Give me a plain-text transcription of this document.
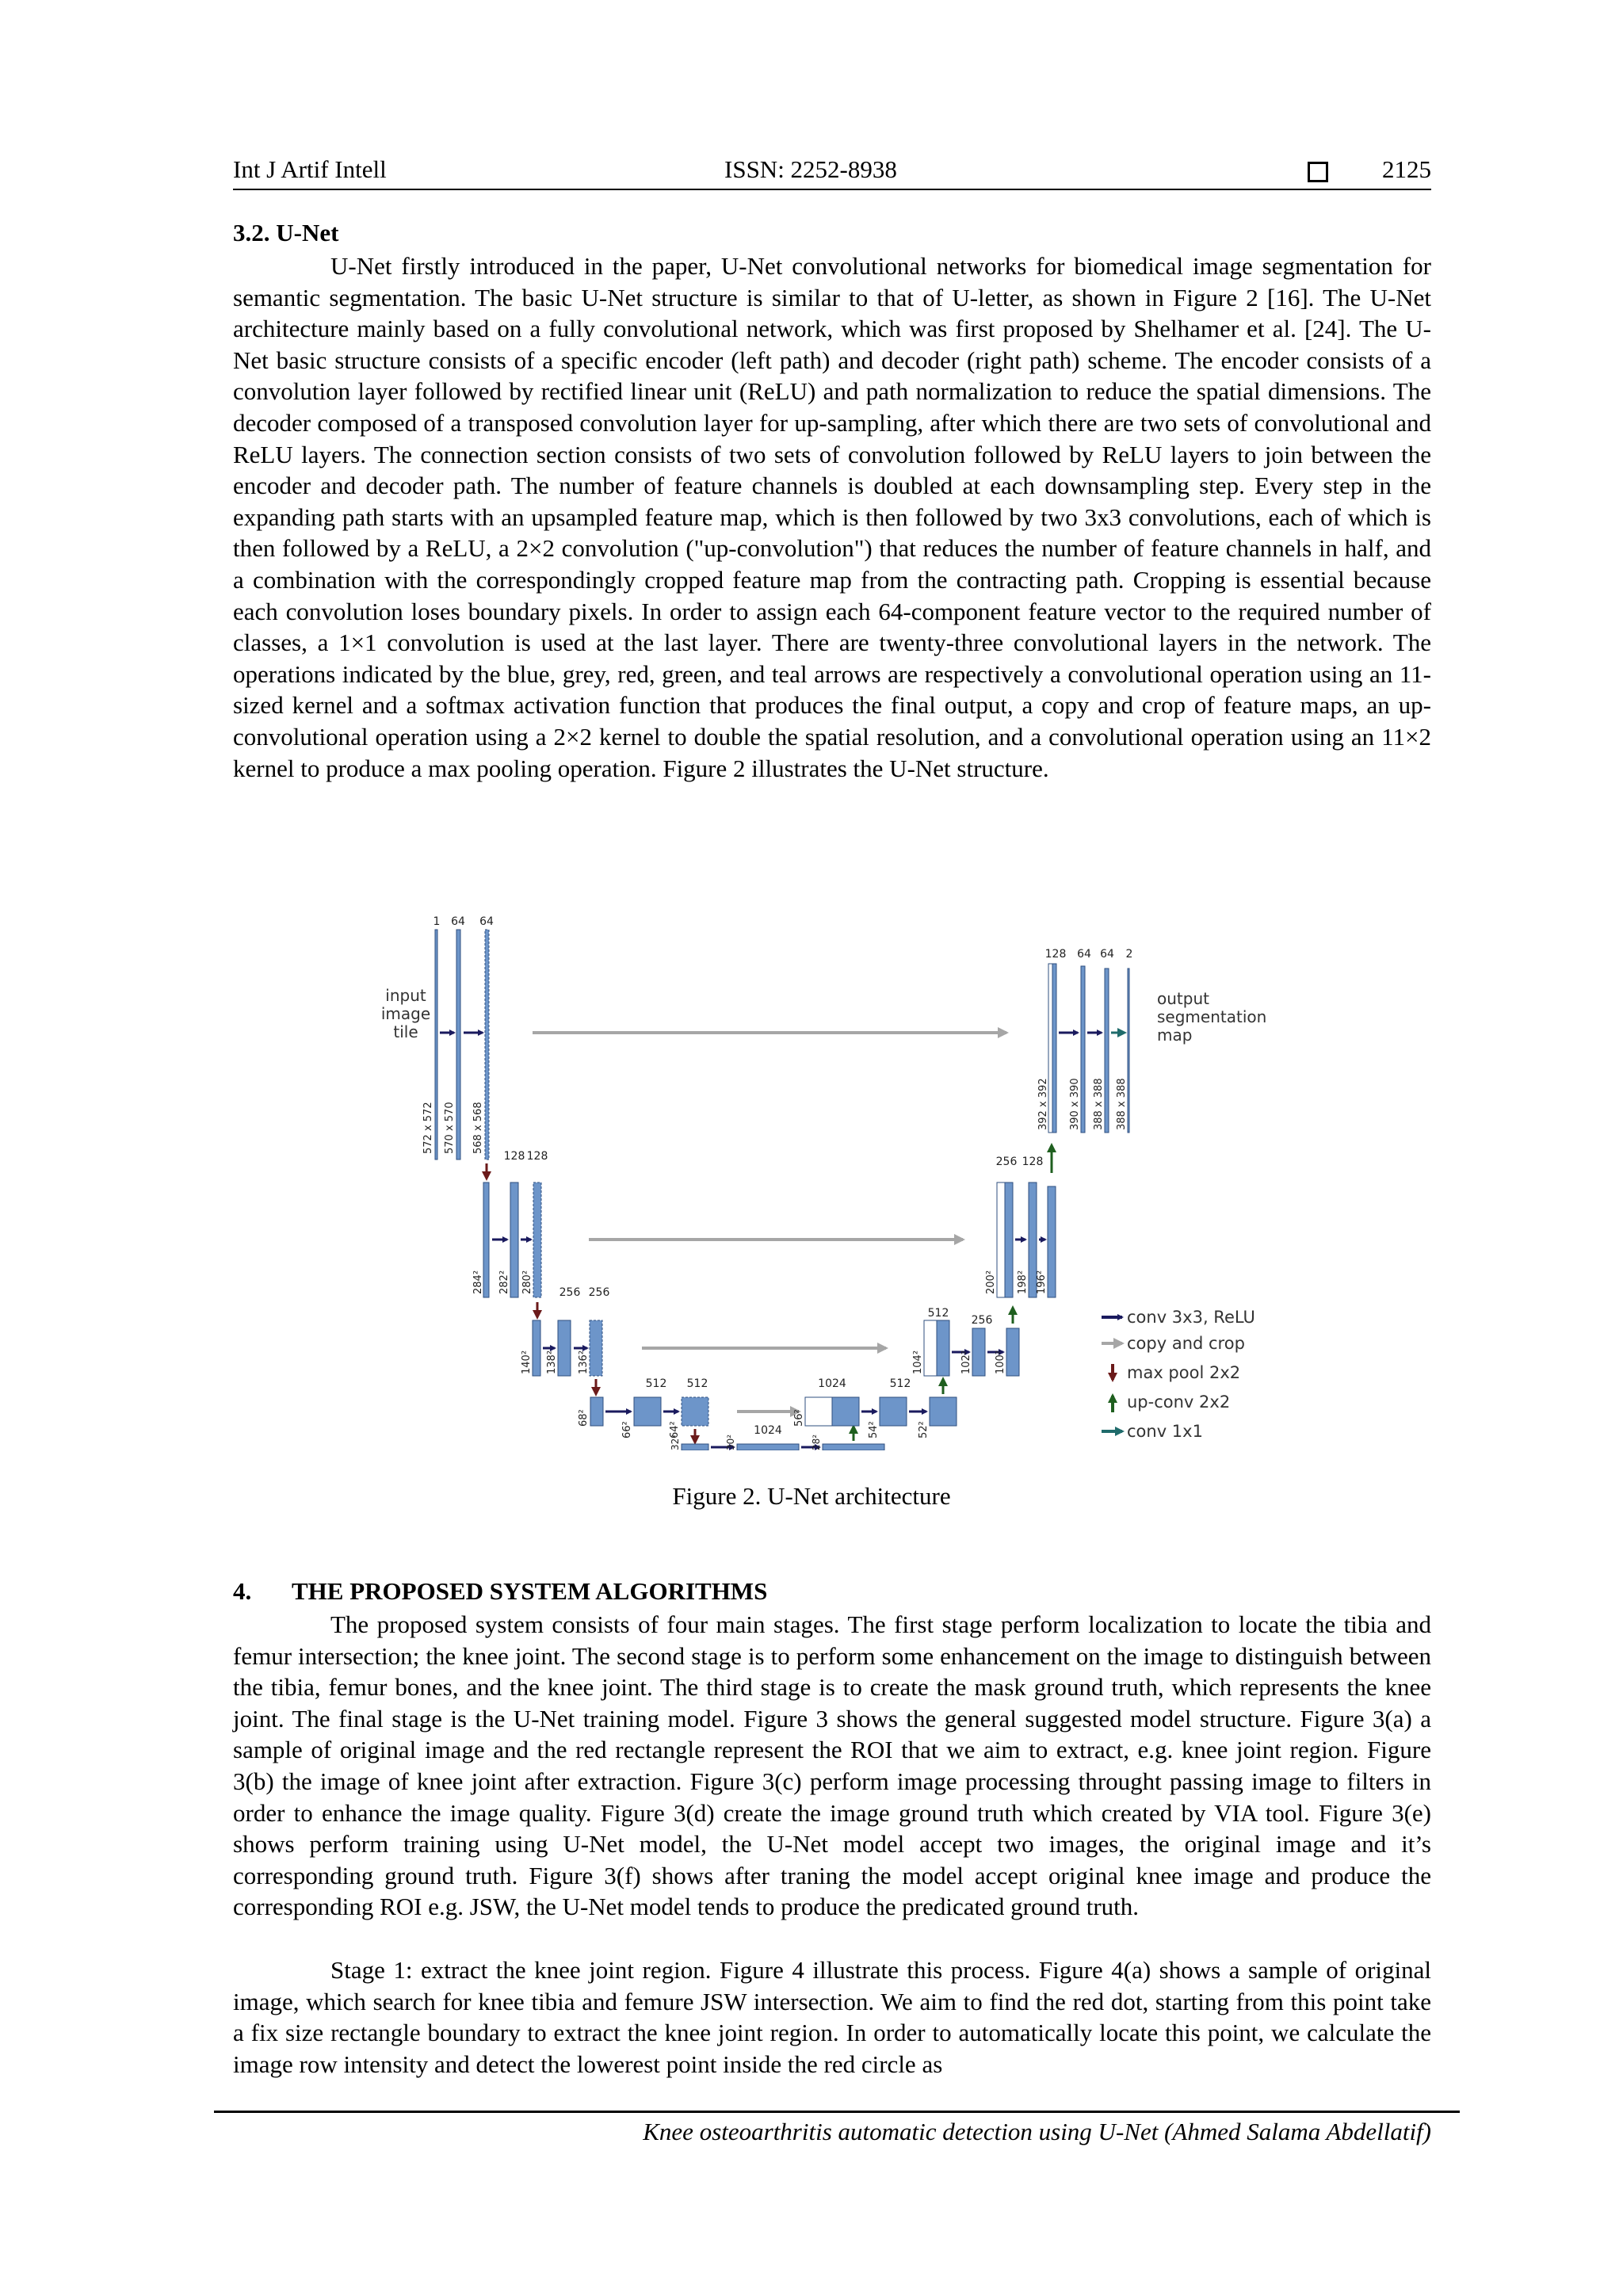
Int J Artif Intell	ISSN: 2252-8938	2125
3.2. U-Net
U-Net firstly introduced in the paper, U-Net convolutional networks for biomedical image segmentation for semantic segmentation. The basic U-Net structure is similar to that of U-letter, as shown in Figure 2 [16]. The U-Net architecture mainly based on a fully convolutional network, which was first proposed by Shelhamer et al. [24]. The U-Net basic structure consists of a specific encoder (left path) and decoder (right path) scheme. The encoder consists of a convolution layer followed by rectified linear unit (ReLU) and path normalization to reduce the spatial dimensions. The decoder composed of a transposed convolution layer for up-sampling, after which there are two sets of convolutional and ReLU layers. The connection section consists of two sets of convolution followed by ReLU layers to join between the encoder and decoder path. The number of feature channels is doubled at each downsampling step. Every step in the expanding path starts with an upsampled feature map, which is then followed by two 3x3 convolutions, each of which is then followed by a ReLU, a 2×2 convolution ("up-convolution") that reduces the number of feature channels in half, and a combination with the correspondingly cropped feature map from the contracting path. Cropping is essential because each convolution loses boundary pixels. In order to assign each 64-component feature vector to the required number of classes, a 1×1 convolution is used at the last layer. There are twenty-three convolutional layers in the network. The operations indicated by the blue, grey, red, green, and teal arrows are respectively a convolutional operation using an 11-sized kernel and a softmax activation function that produces the final output, a copy and crop of feature maps, an up-convolutional operation using a 2×2 kernel to double the spatial resolution, and a convolutional operation using an 11×2 kernel to produce a max pooling operation. Figure 2 illustrates the U-Net structure.
input
image
tile
output
segmentation
map
1 64 64
572 x 572 570 x 570 568 x 568
128 128
284² 282² 280² 256 256
140² 138² 136²
512 512
68²
66²	64²	1024
32²	30²	28²
1024	512
56²
54²	52²
512
256
104²	102² 100²
256 128
200² 198² 196²
128 64 64 2
392 x 392 390 x 390 388 x 388 388 x 388
conv 3x3, ReLU
copy and crop
max pool 2x2
up-conv 2x2
conv 1x1
Figure 2. U-Net architecture
4. THE PROPOSED SYSTEM ALGORITHMS
The proposed system consists of four main stages. The first stage perform localization to locate the tibia and femur intersection; the knee joint. The second stage is to perform some enhancement on the image to distinguish between the tibia, femur bones, and the knee joint. The third stage is to create the mask ground truth, which represents the knee joint. The final stage is the U-Net training model. Figure 3 shows the general suggested model structure. Figure 3(a) a sample of original image and the red rectangle represent the ROI that we aim to extract, e.g. knee joint region. Figure 3(b) the image of knee joint after extraction. Figure 3(c) perform image processing throught passing image to filters in order to enhance the image quality. Figure 3(d) create the image ground truth which created by VIA tool. Figure 3(e) shows perform training using U-Net model, the U-Net model accept two images, the original image and it’s corresponding ground truth. Figure 3(f) shows after traning the model accept original knee image and produce the corresponding ROI e.g. JSW, the U-Net model tends to produce the predicated ground truth.
Stage 1: extract the knee joint region. Figure 4 illustrate this process. Figure 4(a) shows a sample of original image, which search for knee tibia and femure JSW intersection. We aim to find the red dot, starting from this point take a fix size rectangle boundary to extract the knee joint region. In order to automatically locate this point, we calculate the image row intensity and detect the lowerest point inside the red circle as
Knee osteoarthritis automatic detection using U-Net (Ahmed Salama Abdellatif)
